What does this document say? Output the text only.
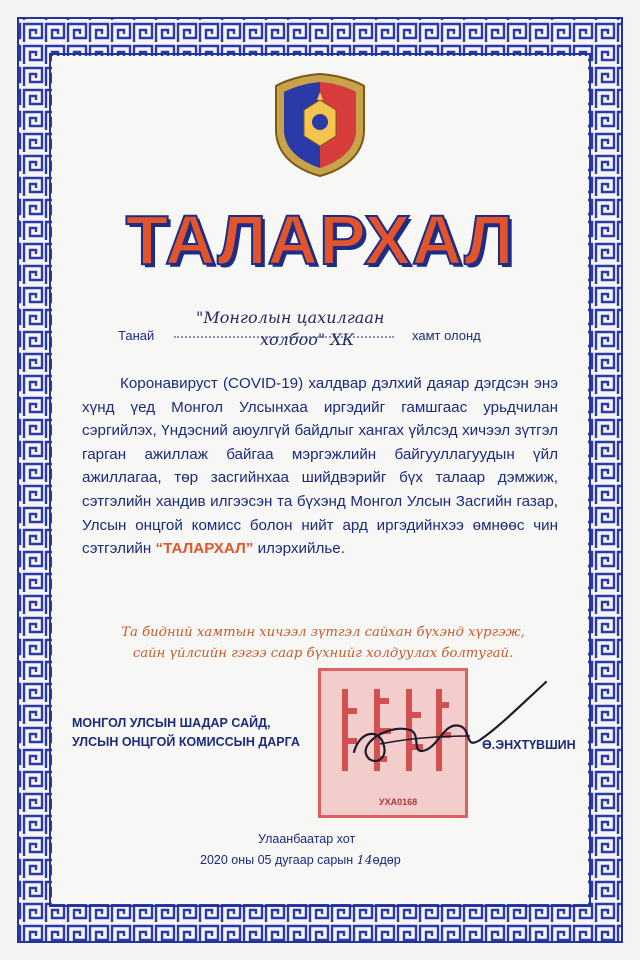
ТАЛАРХАЛ
Танай
"Монголын цахилгаан
холбоо" ХК	хамт олонд
Коронавируст (COVID-19) халдвар дэлхий даяар дэгдсэн энэ хүнд үед Монгол Улсынхаа иргэдийг гамшгаас урьдчилан сэргийлэх, Үндэсний аюулгүй байдлыг хангах үйлсэд хичээл зүтгэл гарган ажиллаж байгаа мэргэжлийн байгууллагуудын үйл ажиллагаа, төр засгийнхаа шийдвэрийг бүх талаар дэмжиж, сэтгэлийн хандив илгээсэн та бүхэнд Монгол Улсын Засгийн газар, Улсын онцгой комисс болон нийт ард иргэдийнхээ өмнөөс чин сэтгэлийн “ТАЛАРХАЛ” илэрхийлье.
Та бидний хамтын хичээл зүтгэл сайхан бүхэнд хүргэж,
сайн үйлсийн гэгээ саар бүхнийг холдуулах болтугай.
УХА0168
МОНГОЛ УЛСЫН ШАДАР САЙД,
УЛСЫН ОНЦГОЙ КОМИССЫН ДАРГА	Ө.ЭНХТҮВШИН
Улаанбаатар хот
2020 оны 05 дугаар сарын 14өдөр
